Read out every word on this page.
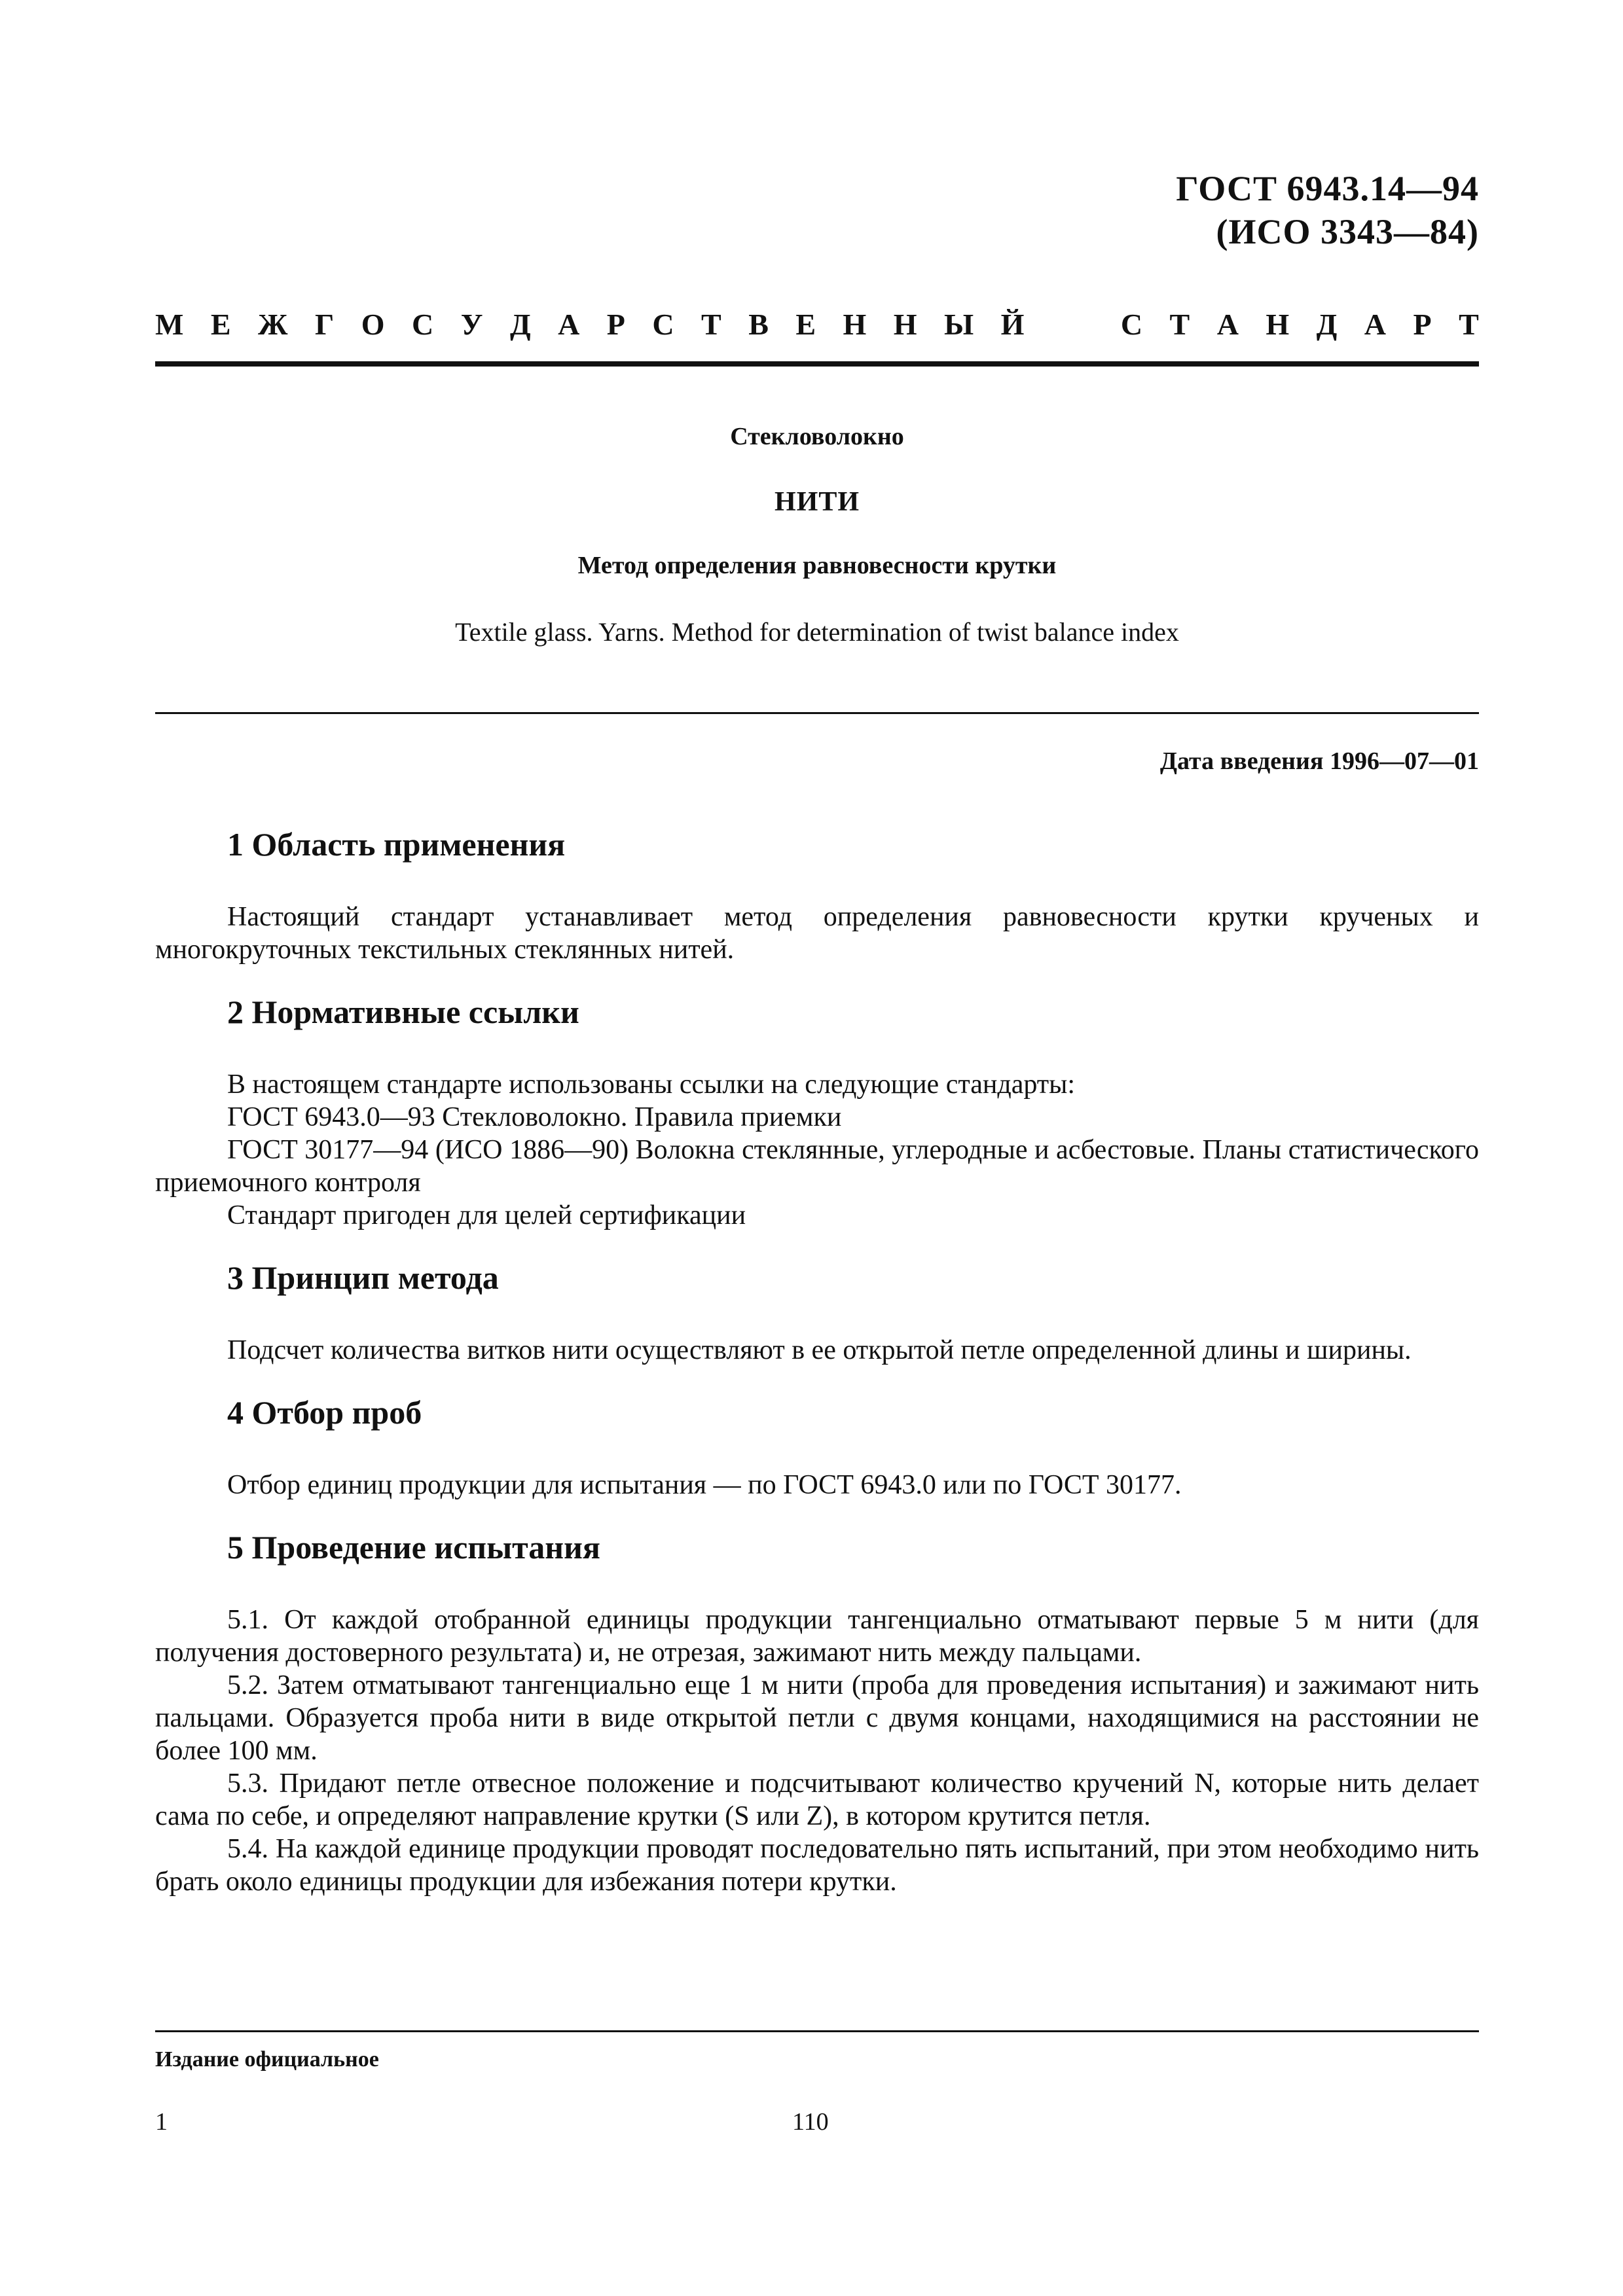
ГОСТ 6943.14—94
(ИСО 3343—84)
М Е Ж Г О С У Д А Р С Т В Е Н Н Ы Й

	С Т А Н Д А Р Т
Стекловолокно
НИТИ
Метод определения равновесности крутки
Textile glass. Yarns. Method for determination of twist balance index
Дата введения 1996—07—01

1 Область применения

Настоящий стандарт устанавливает метод определения равновесности крутки крученых и многокруточных текстильных стеклянных нитей.

2 Нормативные ссылки

В настоящем стандарте использованы ссылки на следующие стандарты:

ГОСТ 6943.0—93 Стекловолокно. Правила приемки

ГОСТ 30177—94 (ИСО 1886—90) Волокна стеклянные, углеродные и асбестовые. Планы статистического приемочного контроля

Стандарт пригоден для целей сертификации

3 Принцип метода

Подсчет количества витков нити осуществляют в ее открытой петле определенной длины и ширины.

4 Отбор проб

Отбор единиц продукции для испытания — по ГОСТ 6943.0 или по ГОСТ 30177.

5 Проведение испытания

5.1. От каждой отобранной единицы продукции тангенциально отматывают первые 5 м нити (для получения достоверного результата) и, не отрезая, зажимают нить между пальцами.

5.2. Затем отматывают тангенциально еще 1 м нити (проба для проведения испытания) и зажимают нить пальцами. Образуется проба нити в виде открытой петли с двумя концами, находящимися на расстоянии не более 100 мм.

5.3. Придают петле отвесное положение и подсчитывают количество кручений N, которые нить делает сама по себе, и определяют направление крутки (S или Z), в котором крутится петля.

5.4. На каждой единице продукции проводят последовательно пять испытаний, при этом необходимо нить брать около единицы продукции для избежания потери крутки.

Издание официальное
1	110
